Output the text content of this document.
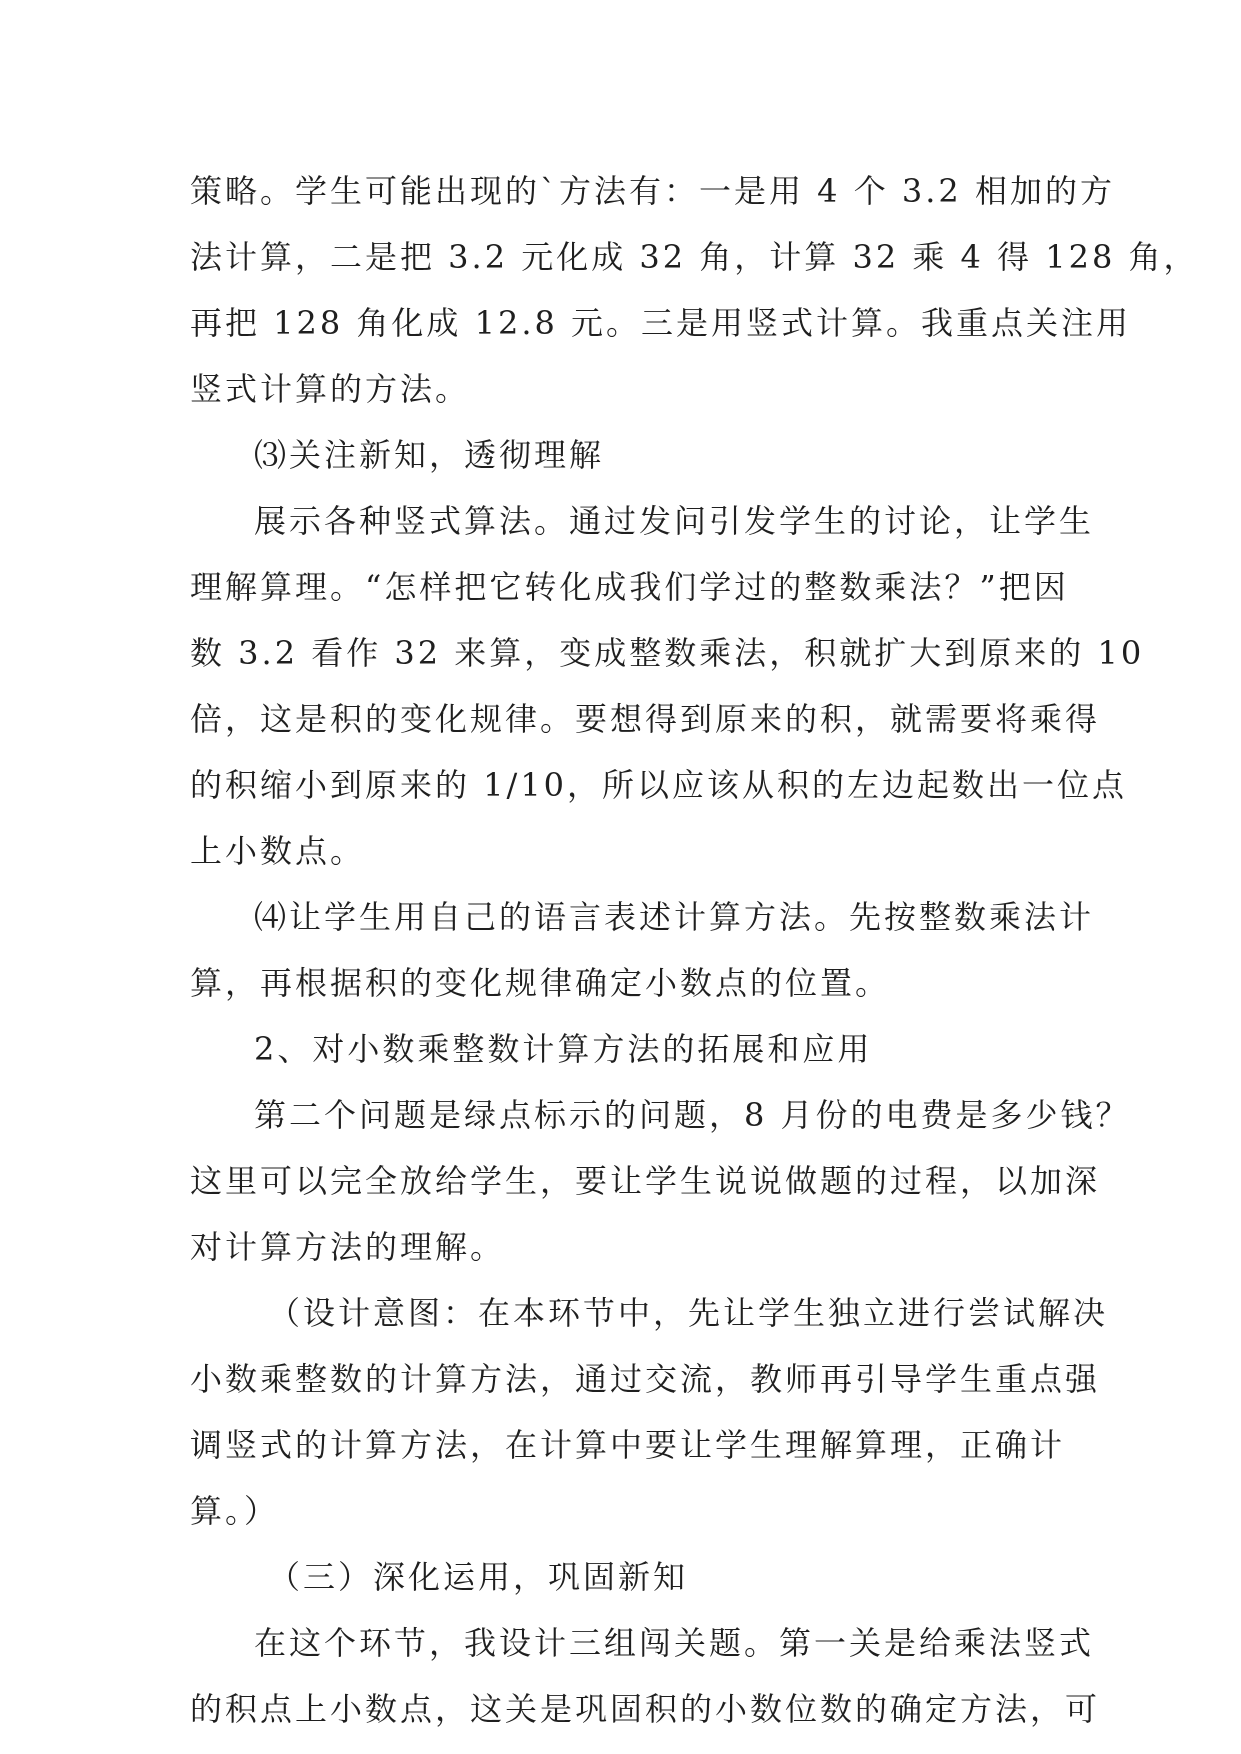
策略。学生可能出现的`方法有：一是用 4 个 3.2 相加的方
法计算，二是把 3.2 元化成 32 角，计算 32 乘 4 得 128 角，
再把 128 角化成 12.8 元。三是用竖式计算。我重点关注用
竖式计算的方法。
⑶关注新知，透彻理解
展示各种竖式算法。通过发问引发学生的讨论，让学生
理解算理。“怎样把它转化成我们学过的整数乘法？”把因
数 3.2 看作 32 来算，变成整数乘法，积就扩大到原来的 10
倍，这是积的变化规律。要想得到原来的积，就需要将乘得
的积缩小到原来的 1/10，所以应该从积的左边起数出一位点
上小数点。
⑷让学生用自己的语言表述计算方法。先按整数乘法计
算，再根据积的变化规律确定小数点的位置。
2、对小数乘整数计算方法的拓展和应用
第二个问题是绿点标示的问题，8 月份的电费是多少钱？
这里可以完全放给学生，要让学生说说做题的过程，以加深
对计算方法的理解。
（设计意图：在本环节中，先让学生独立进行尝试解决
小数乘整数的计算方法，通过交流，教师再引导学生重点强
调竖式的计算方法，在计算中要让学生理解算理，正确计
算。）
（三）深化运用，巩固新知
在这个环节，我设计三组闯关题。第一关是给乘法竖式
的积点上小数点，这关是巩固积的小数位数的确定方法，可
